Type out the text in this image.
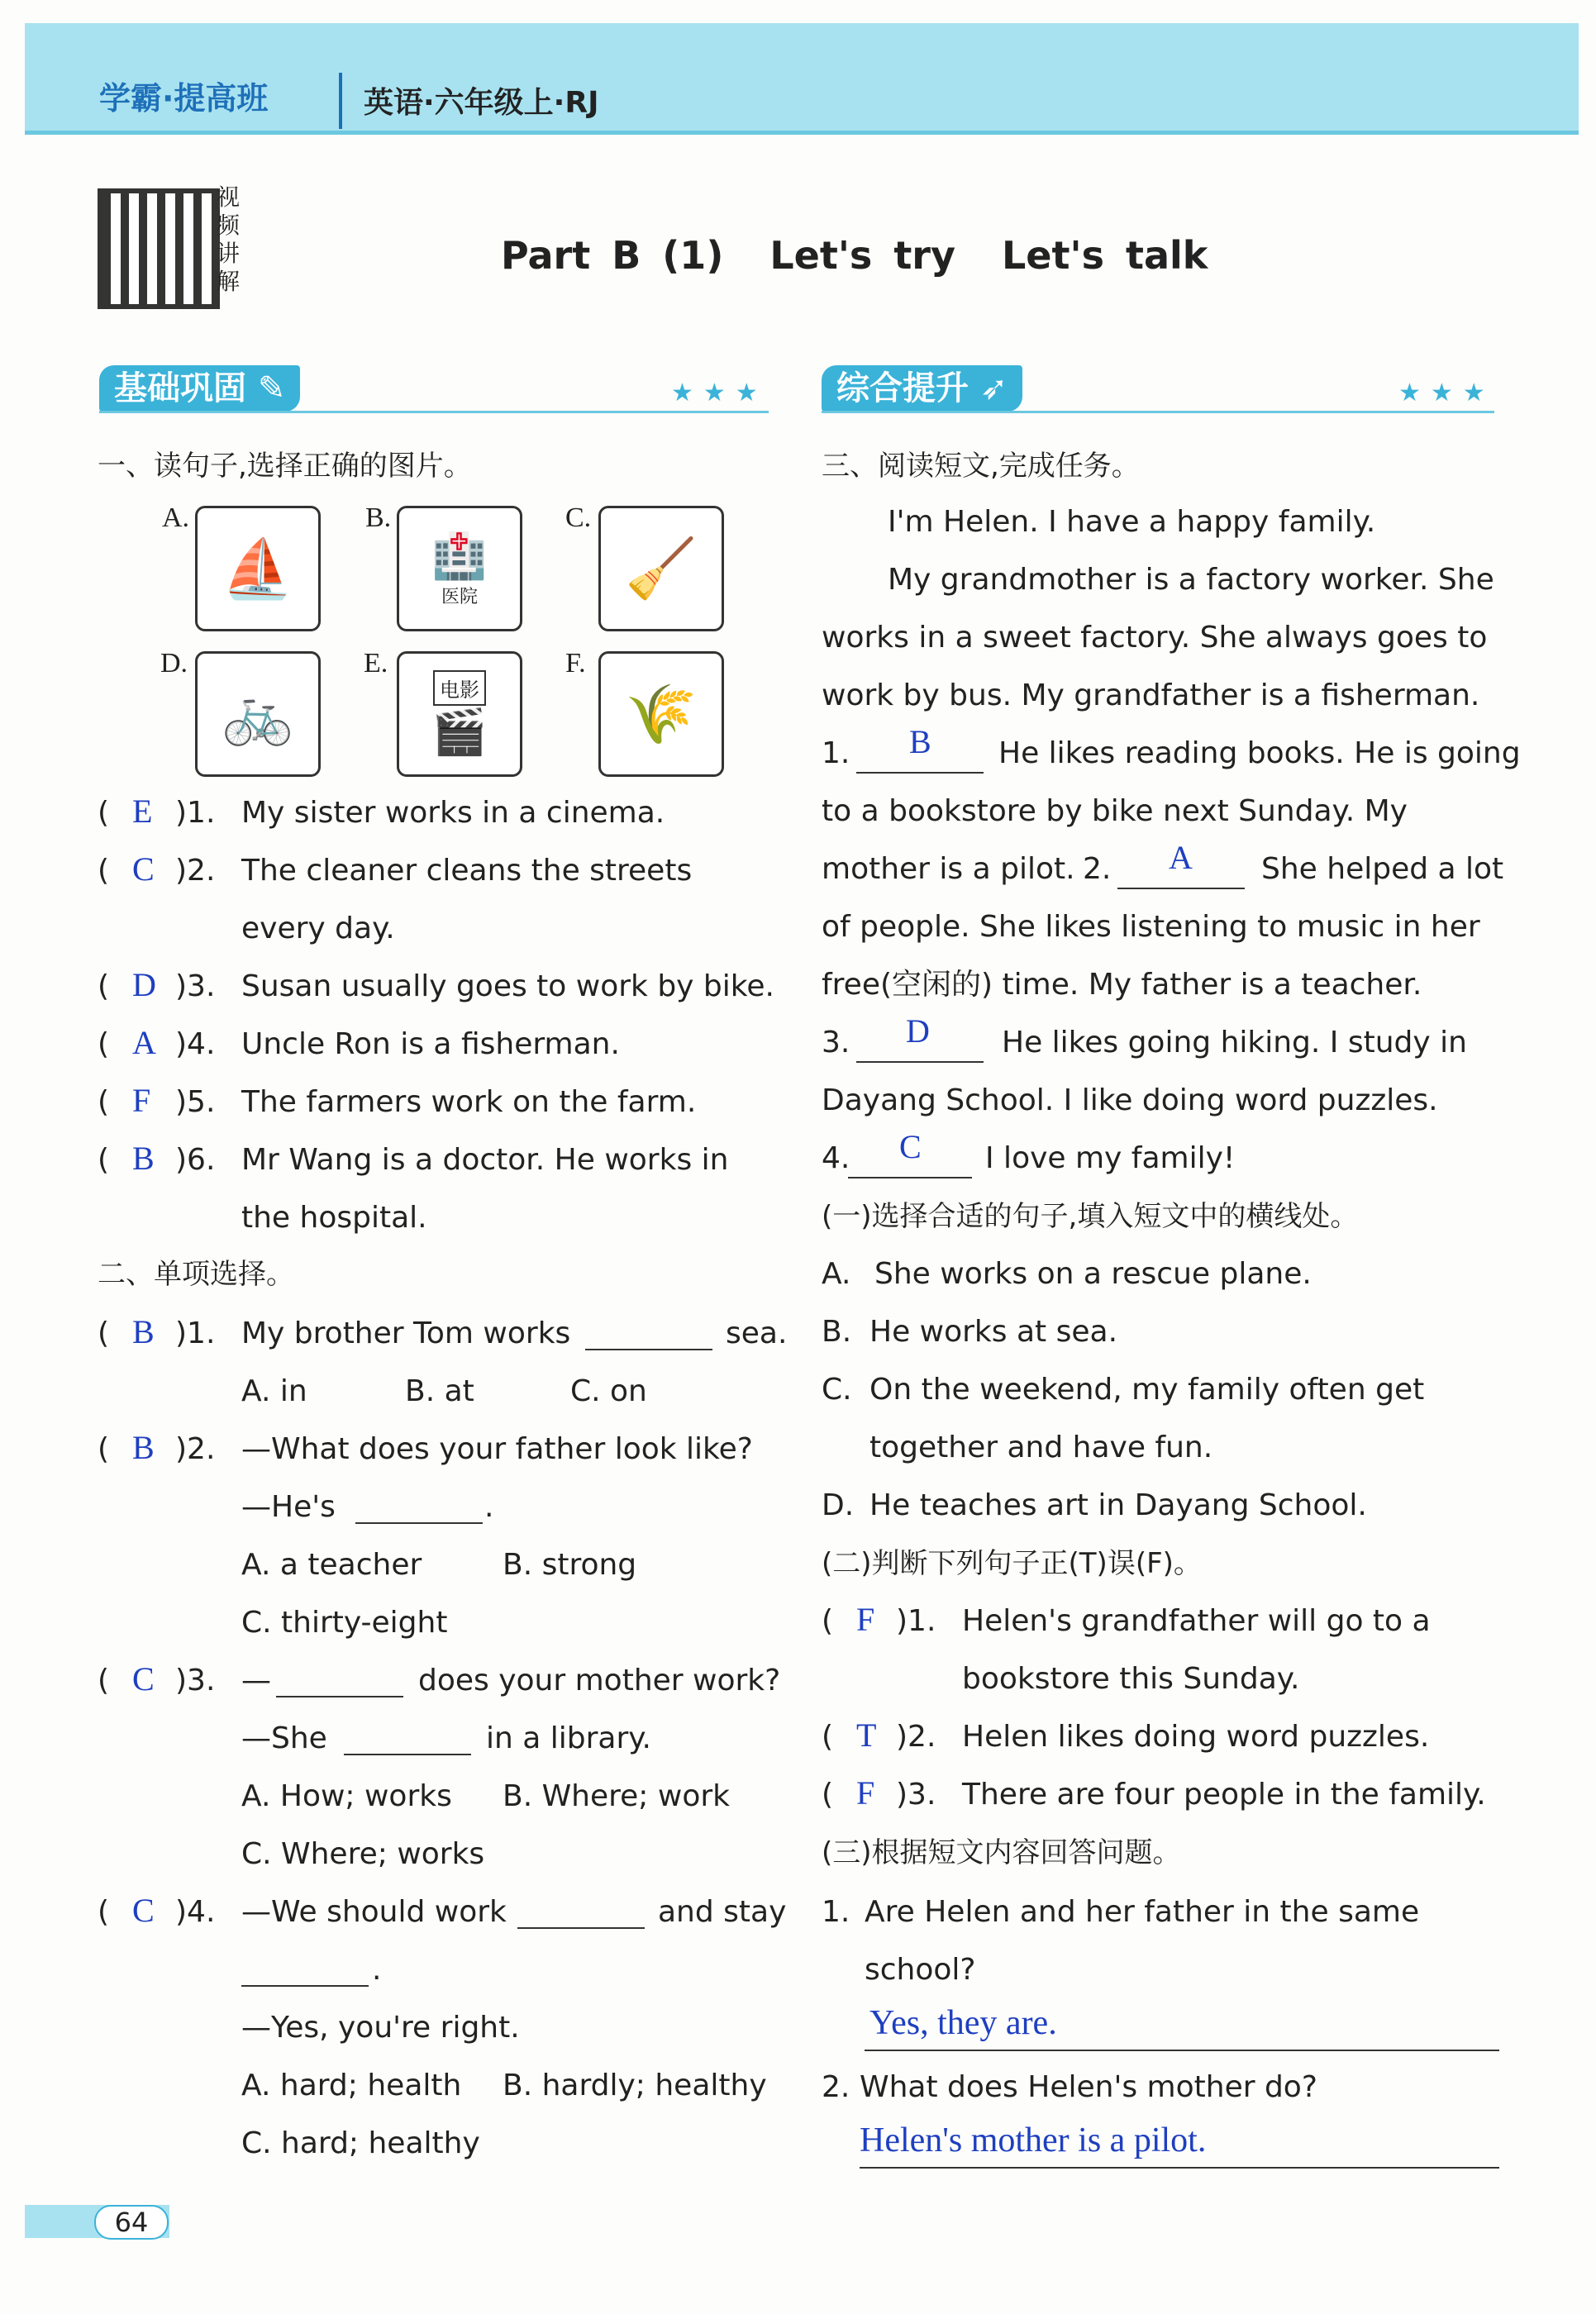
学霸·提高班	英语·六年级上·RJ
视
频
讲
解
Part B (1) Let's try Let's talk
基础巩固 ✎	★★★	综合提升 ➶	★★★
一、读句子,选择正确的图片。
A.
⛵
B.
🏥
医院
C.
🧹
D.
🚲
E.
电影
🎬
F.
🌾
( E )1. My sister works in a cinema.
( C )2. The cleaner cleans the streets
every day.
( D )3. Susan usually goes to work by bike.
( A )4. Uncle Ron is a fisherman.
( F )5. The farmers work on the farm.
( B )6. Mr Wang is a doctor. He works in
the hospital.
二、单项选择。
( B )1. My brother Tom works	sea.
A. in	B. at	C. on
( B )2. —What does your father look like?
—He's	.
A. a teacher	B. strong
C. thirty-eight
( C )3. —	does your mother work?
—She	in a library.
A. How; works B. Where; work
C. Where; works
( C )4. —We should work	and stay
.
—Yes, you're right.
A. hard; health B. hardly; healthy
C. hard; healthy
三、阅读短文,完成任务。
I'm Helen. I have a happy family.
My grandmother is a factory worker. She
works in a sweet factory. She always goes to
work by bus. My grandfather is a fisherman.
1. B He likes reading books. He is going
to a bookstore by bike next Sunday. My
mother is a pilot. 2. A She helped a lot
of people. She likes listening to music in her
free(空闲的) time. My father is a teacher.
3. D He likes going hiking. I study in
Dayang School. I like doing word puzzles.
4. C I love my family!
(一)选择合适的句子,填入短文中的横线处。
A. She works on a rescue plane.
B. He works at sea.
C. On the weekend, my family often get
together and have fun.
D. He teaches art in Dayang School.
(二)判断下列句子正(T)误(F)。
( F )1. Helen's grandfather will go to a
bookstore this Sunday.
( T )2. Helen likes doing word puzzles.
( F )3. There are four people in the family.
(三)根据短文内容回答问题。
1. Are Helen and her father in the same
school?
Yes, they are.
2. What does Helen's mother do?
Helen's mother is a pilot.
64
